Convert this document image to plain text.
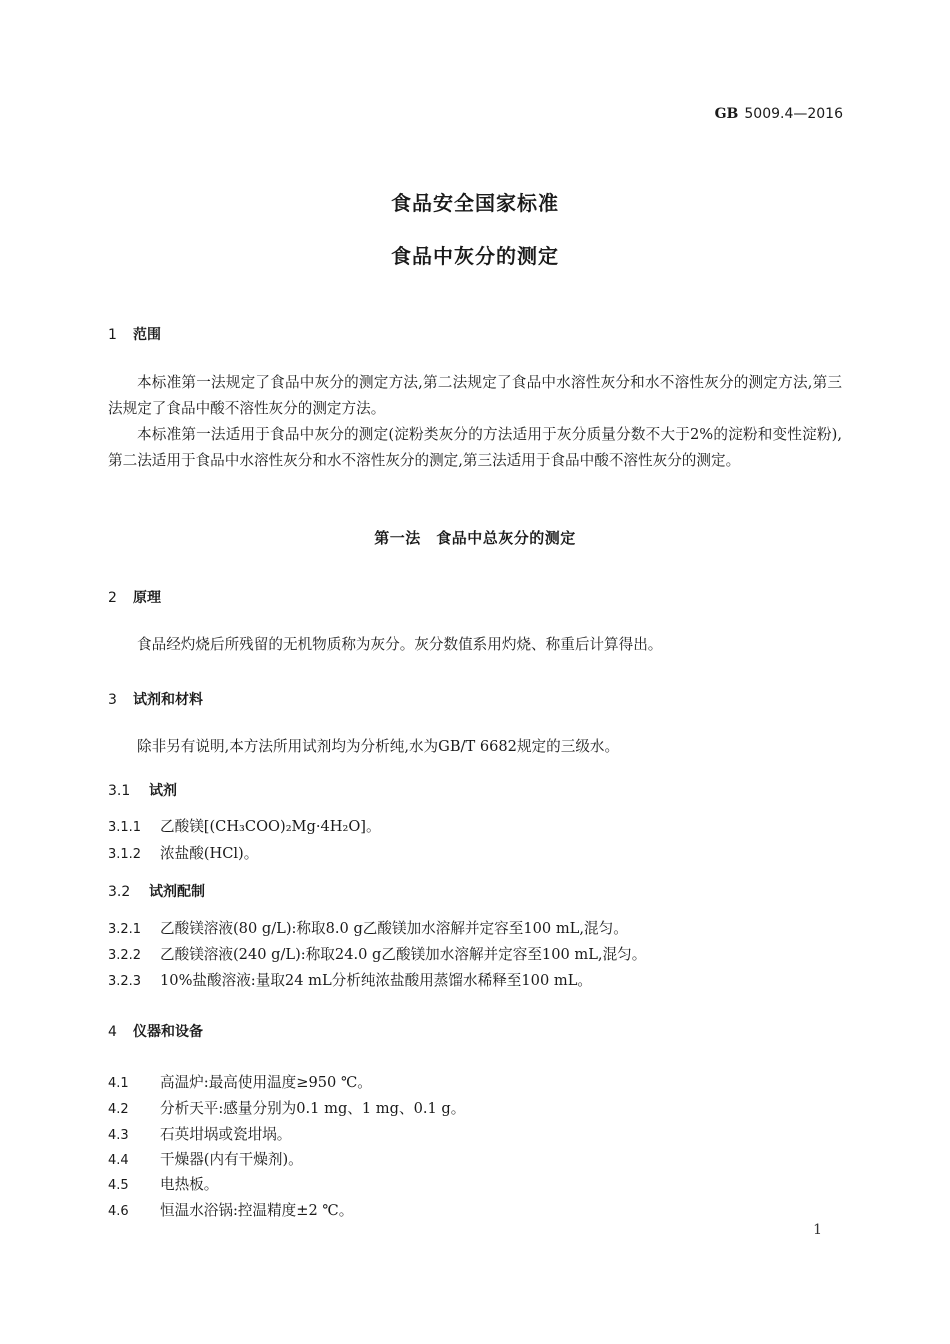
GB 5009.4—2016
食品安全国家标准
食品中灰分的测定
1 范围
本标准第一法规定了食品中灰分的测定方法,第二法规定了食品中水溶性灰分和水不溶性灰分的测定方法,第三法规定了食品中酸不溶性灰分的测定方法。
本标准第一法适用于食品中灰分的测定(淀粉类灰分的方法适用于灰分质量分数不大于2%的淀粉和变性淀粉),第二法适用于食品中水溶性灰分和水不溶性灰分的测定,第三法适用于食品中酸不溶性灰分的测定。
第一法　食品中总灰分的测定
2 原理
食品经灼烧后所残留的无机物质称为灰分。灰分数值系用灼烧、称重后计算得出。
3 试剂和材料
除非另有说明,本方法所用试剂均为分析纯,水为GB/T 6682规定的三级水。
3.1 试剂
3.1.1 乙酸镁[(CH₃COO)₂Mg·4H₂O]。
3.1.2 浓盐酸(HCl)。
3.2 试剂配制
3.2.1 乙酸镁溶液(80 g/L):称取8.0 g乙酸镁加水溶解并定容至100 mL,混匀。
3.2.2 乙酸镁溶液(240 g/L):称取24.0 g乙酸镁加水溶解并定容至100 mL,混匀。
3.2.3 10%盐酸溶液:量取24 mL分析纯浓盐酸用蒸馏水稀释至100 mL。
4 仪器和设备
4.1 高温炉:最高使用温度≥950 ℃。
4.2 分析天平:感量分别为0.1 mg、1 mg、0.1 g。
4.3 石英坩埚或瓷坩埚。
4.4 干燥器(内有干燥剂)。
4.5 电热板。
4.6 恒温水浴锅:控温精度±2 ℃。
1
